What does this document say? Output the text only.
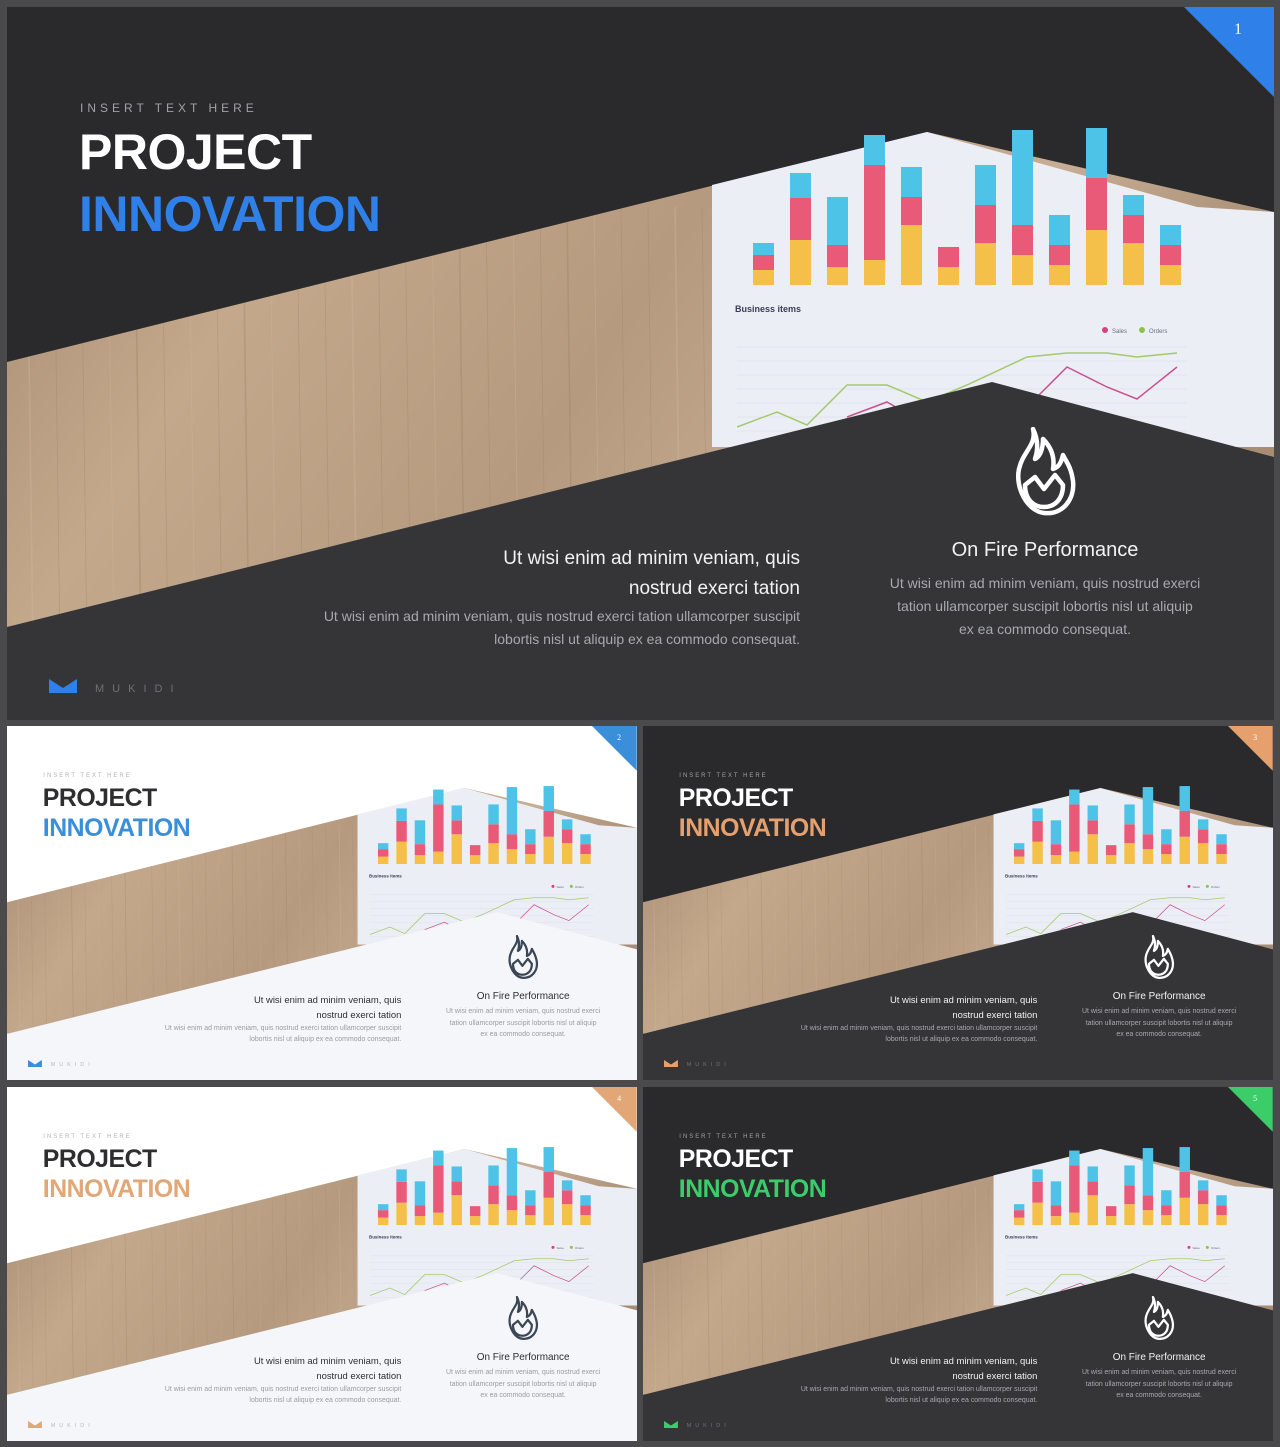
Business items
Sales	Orders
INSERT TEXT HERE
PROJECT
INNOVATION
1
Ut wisi enim ad minim veniam, quis
nostrud exerci tation
Ut wisi enim ad minim veniam, quis nostrud exerci tation ullamcorper suscipit
lobortis nisl ut aliquip ex ea commodo consequat.
On Fire Performance
Ut wisi enim ad minim veniam, quis nostrud exerci
tation ullamcorper suscipit lobortis nisl ut aliquip
ex ea commodo consequat.
MUKIDI
Business items
Sales Orders
INSERT TEXT HERE
PROJECT
INNOVATION
2
Ut wisi enim ad minim veniam, quis
nostrud exerci tation
Ut wisi enim ad minim veniam, quis nostrud exerci tation ullamcorper suscipit
lobortis nisl ut aliquip ex ea commodo consequat.
On Fire Performance
Ut wisi enim ad minim veniam, quis nostrud exerci
tation ullamcorper suscipit lobortis nisl ut aliquip
ex ea commodo consequat.
MUKIDI
Business items
Sales Orders
INSERT TEXT HERE
PROJECT
INNOVATION
3
Ut wisi enim ad minim veniam, quis
nostrud exerci tation
Ut wisi enim ad minim veniam, quis nostrud exerci tation ullamcorper suscipit
lobortis nisl ut aliquip ex ea commodo consequat.
On Fire Performance
Ut wisi enim ad minim veniam, quis nostrud exerci
tation ullamcorper suscipit lobortis nisl ut aliquip
ex ea commodo consequat.
MUKIDI
Business items
Sales Orders
INSERT TEXT HERE
PROJECT
INNOVATION
4
Ut wisi enim ad minim veniam, quis
nostrud exerci tation
Ut wisi enim ad minim veniam, quis nostrud exerci tation ullamcorper suscipit
lobortis nisl ut aliquip ex ea commodo consequat.
On Fire Performance
Ut wisi enim ad minim veniam, quis nostrud exerci
tation ullamcorper suscipit lobortis nisl ut aliquip
ex ea commodo consequat.
MUKIDI
Business items
Sales Orders
INSERT TEXT HERE
PROJECT
INNOVATION
5
Ut wisi enim ad minim veniam, quis
nostrud exerci tation
Ut wisi enim ad minim veniam, quis nostrud exerci tation ullamcorper suscipit
lobortis nisl ut aliquip ex ea commodo consequat.
On Fire Performance
Ut wisi enim ad minim veniam, quis nostrud exerci
tation ullamcorper suscipit lobortis nisl ut aliquip
ex ea commodo consequat.
MUKIDI
